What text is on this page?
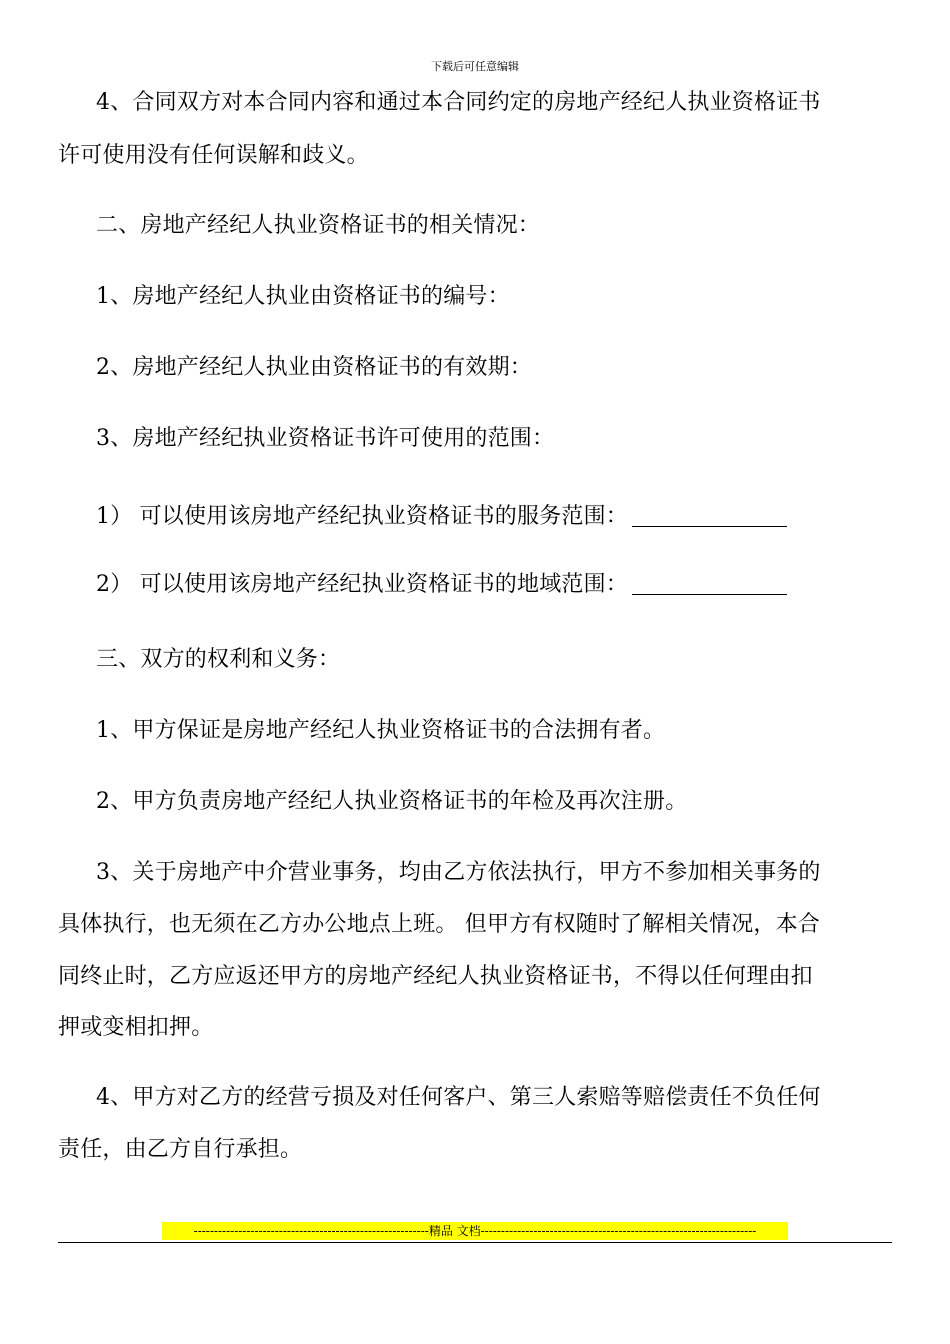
下载后可任意编辑
4、合同双方对本合同内容和通过本合同约定的房地产经纪人执业资格证书
许可使用没有任何误解和歧义。
二、房地产经纪人执业资格证书的相关情况：
1、房地产经纪人执业由资格证书的编号：
2、房地产经纪人执业由资格证书的有效期：
3、房地产经纪执业资格证书许可使用的范围：
1） 可以使用该房地产经纪执业资格证书的服务范围：
2） 可以使用该房地产经纪执业资格证书的地域范围：
三、双方的权利和义务：
1、甲方保证是房地产经纪人执业资格证书的合法拥有者。
2、甲方负责房地产经纪人执业资格证书的年检及再次注册。
3、关于房地产中介营业事务，均由乙方依法执行，甲方不参加相关事务的
具体执行，也无须在乙方办公地点上班。 但甲方有权随时了解相关情况，本合
同终止时，乙方应返还甲方的房地产经纪人执业资格证书，不得以任何理由扣
押或变相扣押。
4、甲方对乙方的经营亏损及对任何客户、第三人索赔等赔偿责任不负任何
责任，由乙方自行承担。
----------------------------------------------------------精品 文档--------------------------------------------------------------------
